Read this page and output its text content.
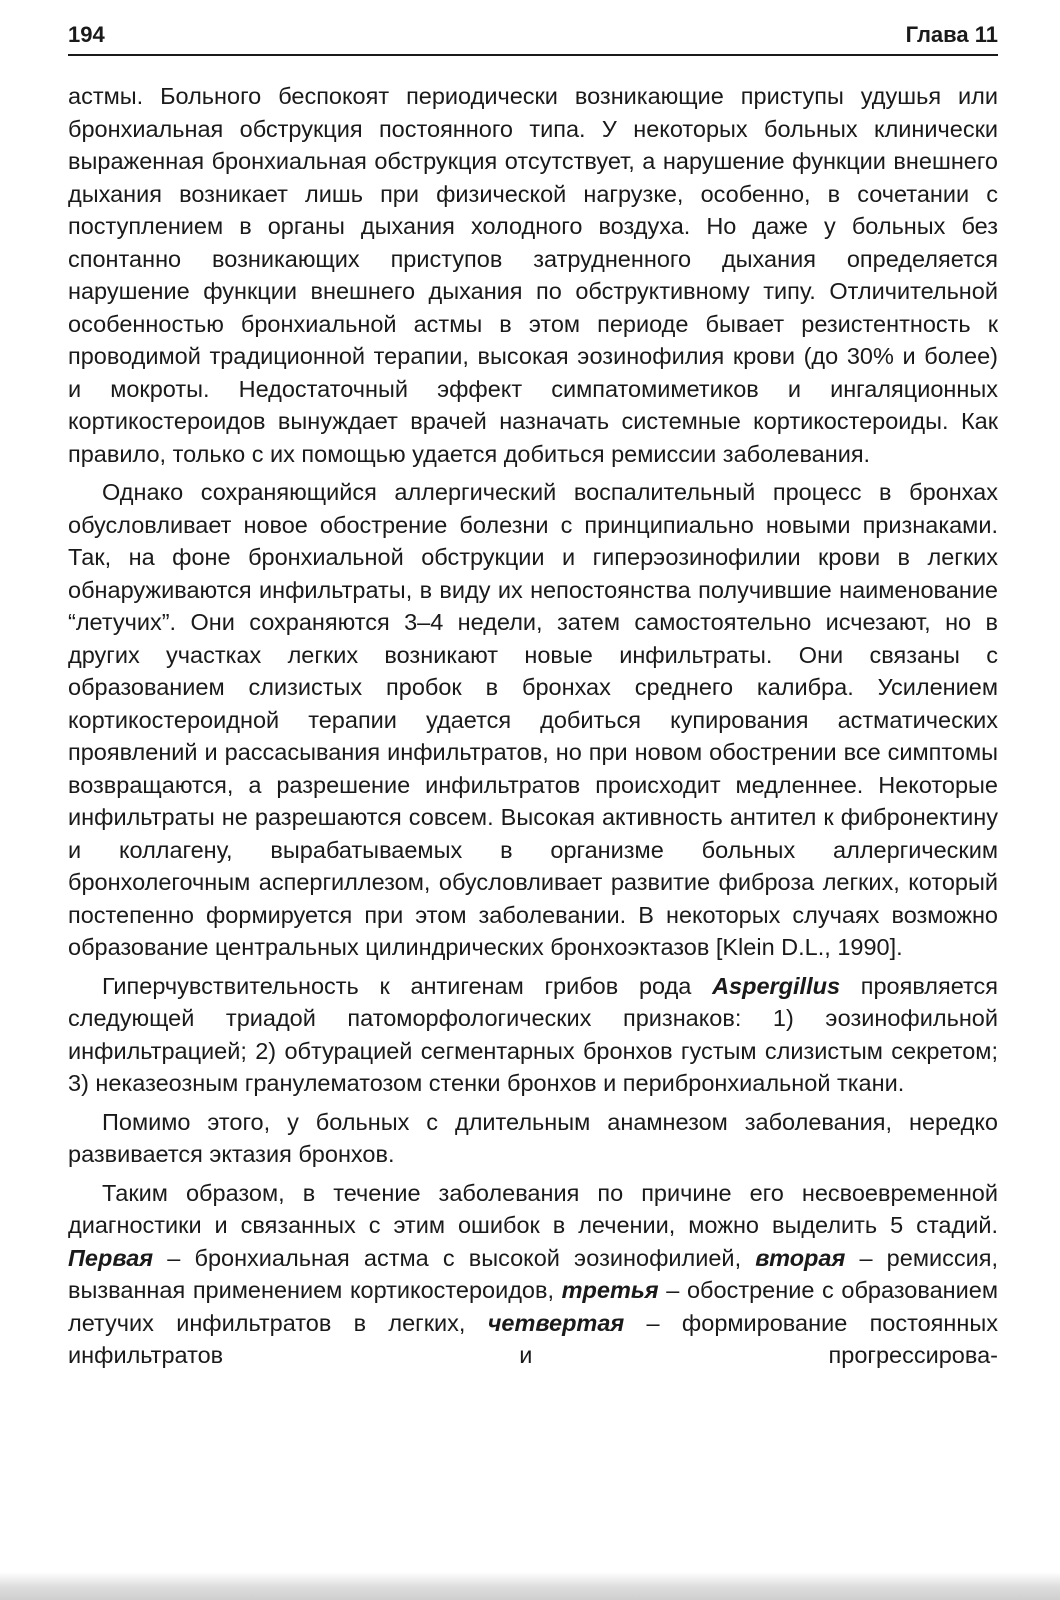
194	Глава 11

астмы. Больного беспокоят периодически возникающие приступы удушья или бронхиальная обструкция постоянного типа. У некоторых больных клинически выраженная бронхиальная обструкция отсутствует, а нарушение функции внешнего дыхания возникает лишь при физической нагрузке, особенно, в сочетании с поступлением в органы дыхания холодного воздуха. Но даже у больных без спонтанно возникающих приступов затрудненного дыхания определяется нарушение функции внешнего дыхания по обструктивному типу. Отличительной особенностью бронхиальной астмы в этом периоде бывает резистентность к проводимой традиционной терапии, высокая эозинофилия крови (до 30% и более) и мокроты. Недостаточный эффект симпатомиметиков и ингаляционных кортикостероидов вынуждает врачей назначать системные кортикостероиды. Как правило, только с их помощью удается добиться ремиссии заболевания.

Однако сохраняющийся аллергический воспалительный процесс в бронхах обусловливает новое обострение болезни с принципиально новыми признаками. Так, на фоне бронхиальной обструкции и гиперэозинофилии крови в легких обнаруживаются инфильтраты, в виду их непостоянства получившие наименование “летучих”. Они сохраняются 3–4 недели, затем самостоятельно исчезают, но в других участках легких возникают новые инфильтраты. Они связаны с образованием слизистых пробок в бронхах среднего калибра. Усилением кортикостероидной терапии удается добиться купирования астматических проявлений и рассасывания инфильтратов, но при новом обострении все симптомы возвращаются, а разрешение инфильтратов происходит медленнее. Некоторые инфильтраты не разрешаются совсем. Высокая активность антител к фибронектину и коллагену, вырабатываемых в организме больных аллергическим бронхолегочным аспергиллезом, обусловливает развитие фиброза легких, который постепенно формируется при этом заболевании. В некоторых случаях возможно образование центральных цилиндрических бронхоэктазов [Klein D.L., 1990].

Гиперчувствительность к антигенам грибов рода Aspergillus проявляется следующей триадой патоморфологических признаков: 1) эозинофильной инфильтрацией; 2) обтурацией сегментарных бронхов густым слизистым секретом; 3) неказеозным гранулематозом стенки бронхов и перибронхиальной ткани.

Помимо этого, у больных с длительным анамнезом заболевания, нередко развивается эктазия бронхов.

Таким образом, в течение заболевания по причине его несвоевременной диагностики и связанных с этим ошибок в лечении, можно выделить 5 стадий. Первая – бронхиальная астма с высокой эозинофилией, вторая – ремиссия, вызванная применением кортикостероидов, третья – обострение с образованием летучих инфильтратов в легких, четвертая – формирование постоянных инфильтратов и прогрессирова-
